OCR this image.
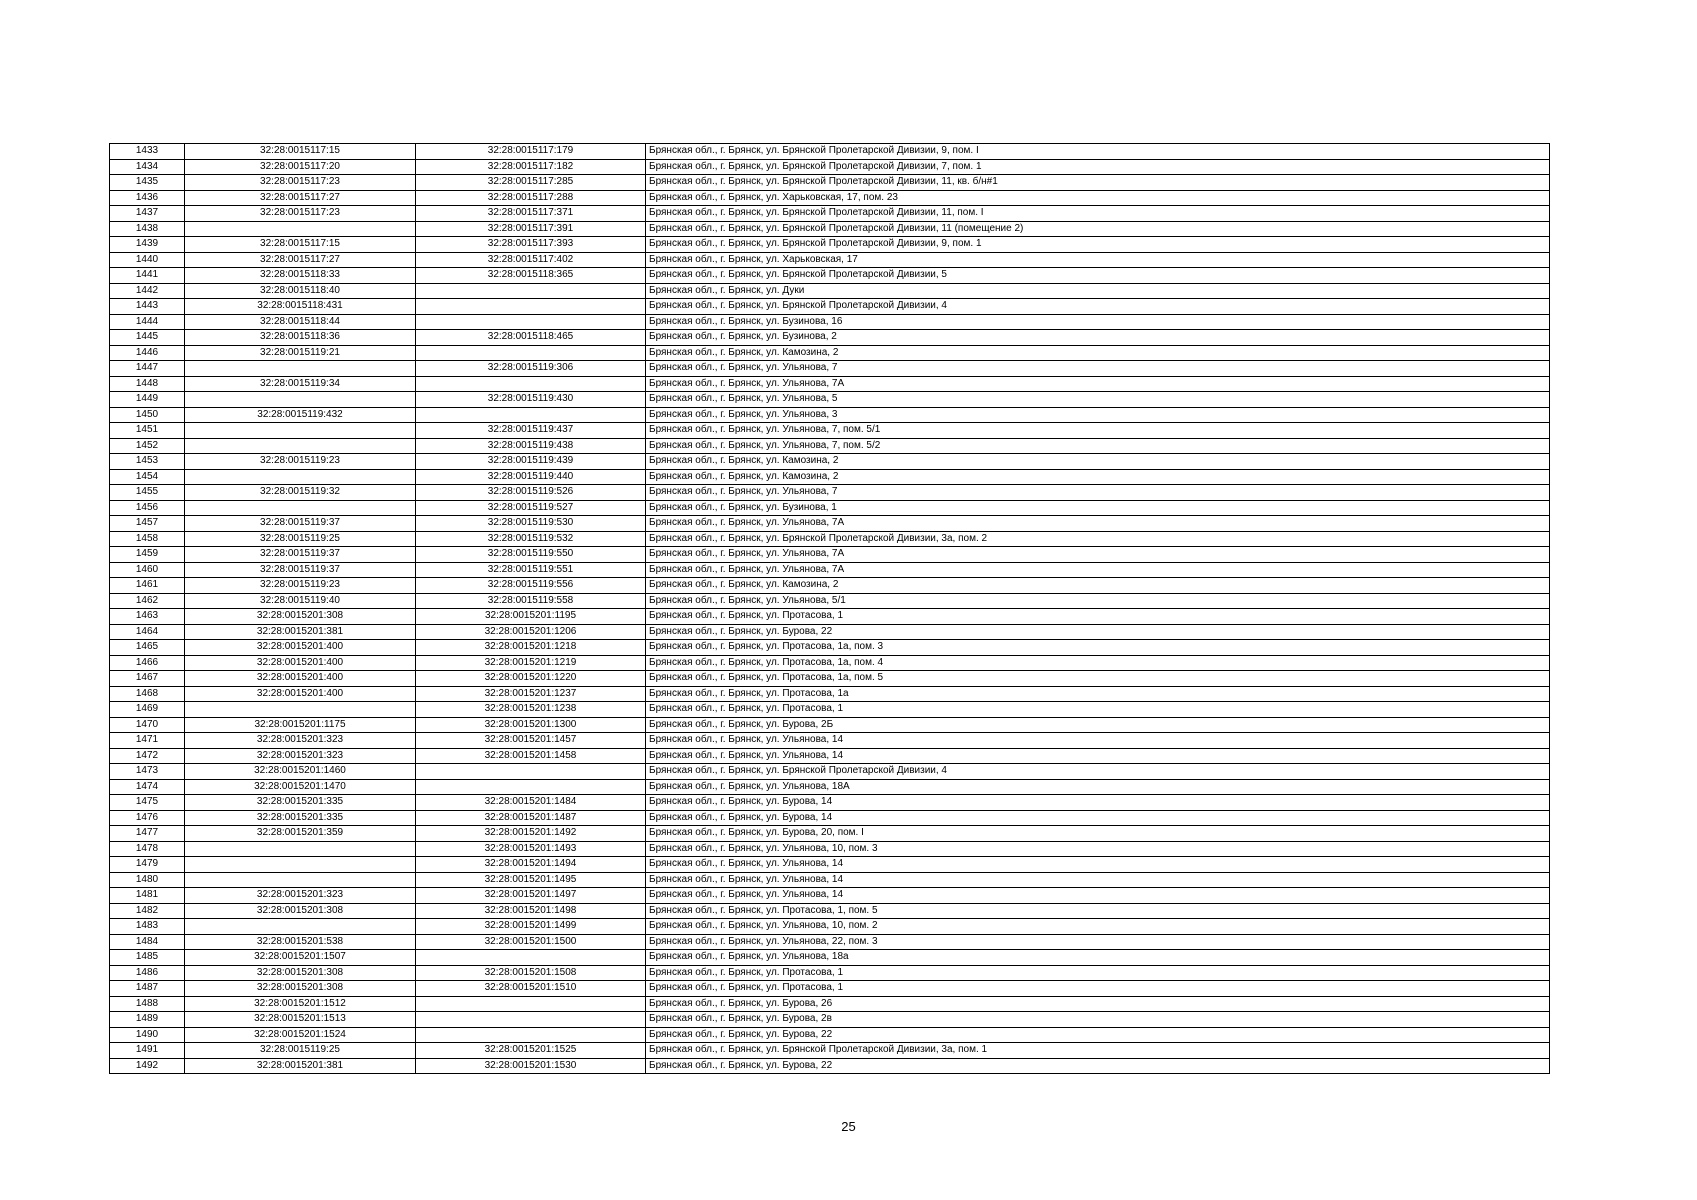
1433	32:28:0015117:15	32:28:0015117:179	Брянская обл., г. Брянск, ул. Брянской Пролетарской Дивизии, 9, пом. I
1434	32:28:0015117:20	32:28:0015117:182	Брянская обл., г. Брянск, ул. Брянской Пролетарской Дивизии, 7, пом. 1
1435	32:28:0015117:23	32:28:0015117:285	Брянская обл., г. Брянск, ул. Брянской Пролетарской Дивизии, 11, кв. б/н#1
1436	32:28:0015117:27	32:28:0015117:288	Брянская обл., г. Брянск, ул. Харьковская, 17, пом. 23
1437	32:28:0015117:23	32:28:0015117:371	Брянская обл., г. Брянск, ул. Брянской Пролетарской Дивизии, 11, пом. I
1438		32:28:0015117:391	Брянская обл., г. Брянск, ул. Брянской Пролетарской Дивизии, 11 (помещение 2)
1439	32:28:0015117:15	32:28:0015117:393	Брянская обл., г. Брянск, ул. Брянской Пролетарской Дивизии, 9, пом. 1
1440	32:28:0015117:27	32:28:0015117:402	Брянская обл., г. Брянск, ул. Харьковская, 17
1441	32:28:0015118:33	32:28:0015118:365	Брянская обл., г. Брянск, ул. Брянской Пролетарской Дивизии, 5
1442	32:28:0015118:40		Брянская обл., г. Брянск, ул. Дуки
1443	32:28:0015118:431		Брянская обл., г. Брянск, ул. Брянской Пролетарской Дивизии, 4
1444	32:28:0015118:44		Брянская обл., г. Брянск, ул. Бузинова, 16
1445	32:28:0015118:36	32:28:0015118:465	Брянская обл., г. Брянск, ул. Бузинова, 2
1446	32:28:0015119:21		Брянская обл., г. Брянск, ул. Камозина, 2
1447		32:28:0015119:306	Брянская обл., г. Брянск, ул. Ульянова, 7
1448	32:28:0015119:34		Брянская обл., г. Брянск, ул. Ульянова, 7А
1449		32:28:0015119:430	Брянская обл., г. Брянск, ул. Ульянова, 5
1450	32:28:0015119:432		Брянская обл., г. Брянск, ул. Ульянова, 3
1451		32:28:0015119:437	Брянская обл., г. Брянск, ул. Ульянова, 7, пом. 5/1
1452		32:28:0015119:438	Брянская обл., г. Брянск, ул. Ульянова, 7, пом. 5/2
1453	32:28:0015119:23	32:28:0015119:439	Брянская обл., г. Брянск, ул. Камозина, 2
1454		32:28:0015119:440	Брянская обл., г. Брянск, ул. Камозина, 2
1455	32:28:0015119:32	32:28:0015119:526	Брянская обл., г. Брянск, ул. Ульянова, 7
1456		32:28:0015119:527	Брянская обл., г. Брянск, ул. Бузинова, 1
1457	32:28:0015119:37	32:28:0015119:530	Брянская обл., г. Брянск, ул. Ульянова, 7А
1458	32:28:0015119:25	32:28:0015119:532	Брянская обл., г. Брянск, ул. Брянской Пролетарской Дивизии, 3а, пом. 2
1459	32:28:0015119:37	32:28:0015119:550	Брянская обл., г. Брянск, ул. Ульянова, 7А
1460	32:28:0015119:37	32:28:0015119:551	Брянская обл., г. Брянск, ул. Ульянова, 7А
1461	32:28:0015119:23	32:28:0015119:556	Брянская обл., г. Брянск, ул. Камозина, 2
1462	32:28:0015119:40	32:28:0015119:558	Брянская обл., г. Брянск, ул. Ульянова, 5/1
1463	32:28:0015201:308	32:28:0015201:1195	Брянская обл., г. Брянск, ул. Протасова, 1
1464	32:28:0015201:381	32:28:0015201:1206	Брянская обл., г. Брянск, ул. Бурова, 22
1465	32:28:0015201:400	32:28:0015201:1218	Брянская обл., г. Брянск, ул. Протасова, 1а, пом. 3
1466	32:28:0015201:400	32:28:0015201:1219	Брянская обл., г. Брянск, ул. Протасова, 1а, пом. 4
1467	32:28:0015201:400	32:28:0015201:1220	Брянская обл., г. Брянск, ул. Протасова, 1а, пом. 5
1468	32:28:0015201:400	32:28:0015201:1237	Брянская обл., г. Брянск, ул. Протасова, 1а
1469		32:28:0015201:1238	Брянская обл., г. Брянск, ул. Протасова, 1
1470	32:28:0015201:1175	32:28:0015201:1300	Брянская обл., г. Брянск, ул. Бурова, 2Б
1471	32:28:0015201:323	32:28:0015201:1457	Брянская обл., г. Брянск, ул. Ульянова, 14
1472	32:28:0015201:323	32:28:0015201:1458	Брянская обл., г. Брянск, ул. Ульянова, 14
1473	32:28:0015201:1460		Брянская обл., г. Брянск, ул. Брянской Пролетарской Дивизии, 4
1474	32:28:0015201:1470		Брянская обл., г. Брянск, ул. Ульянова, 18А
1475	32:28:0015201:335	32:28:0015201:1484	Брянская обл., г. Брянск, ул. Бурова, 14
1476	32:28:0015201:335	32:28:0015201:1487	Брянская обл., г. Брянск, ул. Бурова, 14
1477	32:28:0015201:359	32:28:0015201:1492	Брянская обл., г. Брянск, ул. Бурова, 20, пом. I
1478		32:28:0015201:1493	Брянская обл., г. Брянск, ул. Ульянова, 10, пом. 3
1479		32:28:0015201:1494	Брянская обл., г. Брянск, ул. Ульянова, 14
1480		32:28:0015201:1495	Брянская обл., г. Брянск, ул. Ульянова, 14
1481	32:28:0015201:323	32:28:0015201:1497	Брянская обл., г. Брянск, ул. Ульянова, 14
1482	32:28:0015201:308	32:28:0015201:1498	Брянская обл., г. Брянск, ул. Протасова, 1, пом. 5
1483		32:28:0015201:1499	Брянская обл., г. Брянск, ул. Ульянова, 10, пом. 2
1484	32:28:0015201:538	32:28:0015201:1500	Брянская обл., г. Брянск, ул. Ульянова, 22, пом. 3
1485	32:28:0015201:1507		Брянская обл., г. Брянск, ул. Ульянова, 18а
1486	32:28:0015201:308	32:28:0015201:1508	Брянская обл., г. Брянск, ул. Протасова, 1
1487	32:28:0015201:308	32:28:0015201:1510	Брянская обл., г. Брянск, ул. Протасова, 1
1488	32:28:0015201:1512		Брянская обл., г. Брянск, ул. Бурова, 26
1489	32:28:0015201:1513		Брянская обл., г. Брянск, ул. Бурова, 2в
1490	32:28:0015201:1524		Брянская обл., г. Брянск, ул. Бурова, 22
1491	32:28:0015119:25	32:28:0015201:1525	Брянская обл., г. Брянск, ул. Брянской Пролетарской Дивизии, 3а, пом. 1
1492	32:28:0015201:381	32:28:0015201:1530	Брянская обл., г. Брянск, ул. Бурова, 22
25
